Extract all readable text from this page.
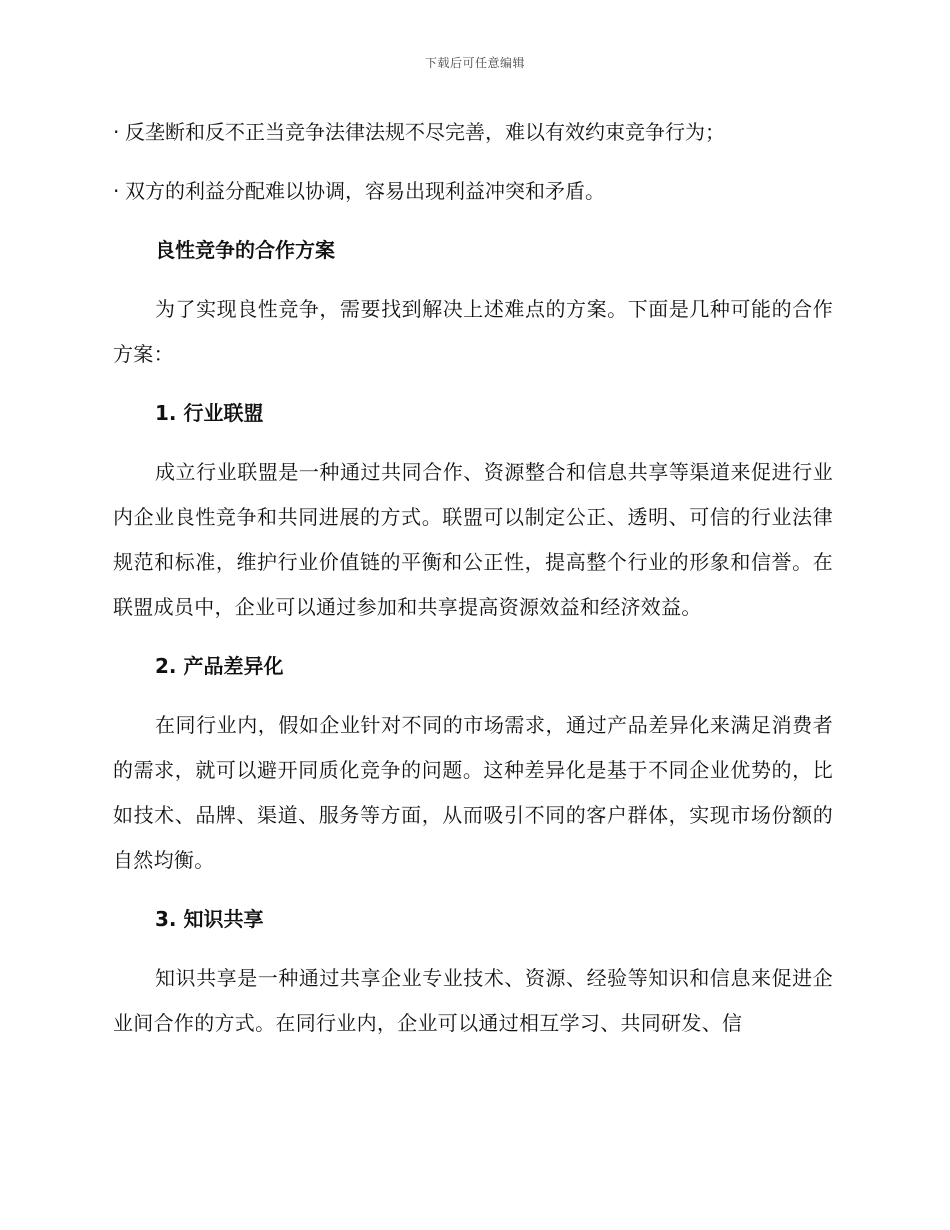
下载后可任意编辑

· 反垄断和反不正当竞争法律法规不尽完善，难以有效约束竞争行为；

· 双方的利益分配难以协调，容易出现利益冲突和矛盾。

良性竞争的合作方案

为了实现良性竞争，需要找到解决上述难点的方案。下面是几种可能的合作方案：

1. 行业联盟

成立行业联盟是一种通过共同合作、资源整合和信息共享等渠道来促进行业内企业良性竞争和共同进展的方式。联盟可以制定公正、透明、可信的行业法律规范和标准，维护行业价值链的平衡和公正性，提高整个行业的形象和信誉。在联盟成员中，企业可以通过参加和共享提高资源效益和经济效益。

2. 产品差异化

在同行业内，假如企业针对不同的市场需求，通过产品差异化来满足消费者的需求，就可以避开同质化竞争的问题。这种差异化是基于不同企业优势的，比如技术、品牌、渠道、服务等方面，从而吸引不同的客户群体，实现市场份额的自然均衡。

3. 知识共享

知识共享是一种通过共享企业专业技术、资源、经验等知识和信息来促进企业间合作的方式。在同行业内，企业可以通过相互学习、共同研发、信
